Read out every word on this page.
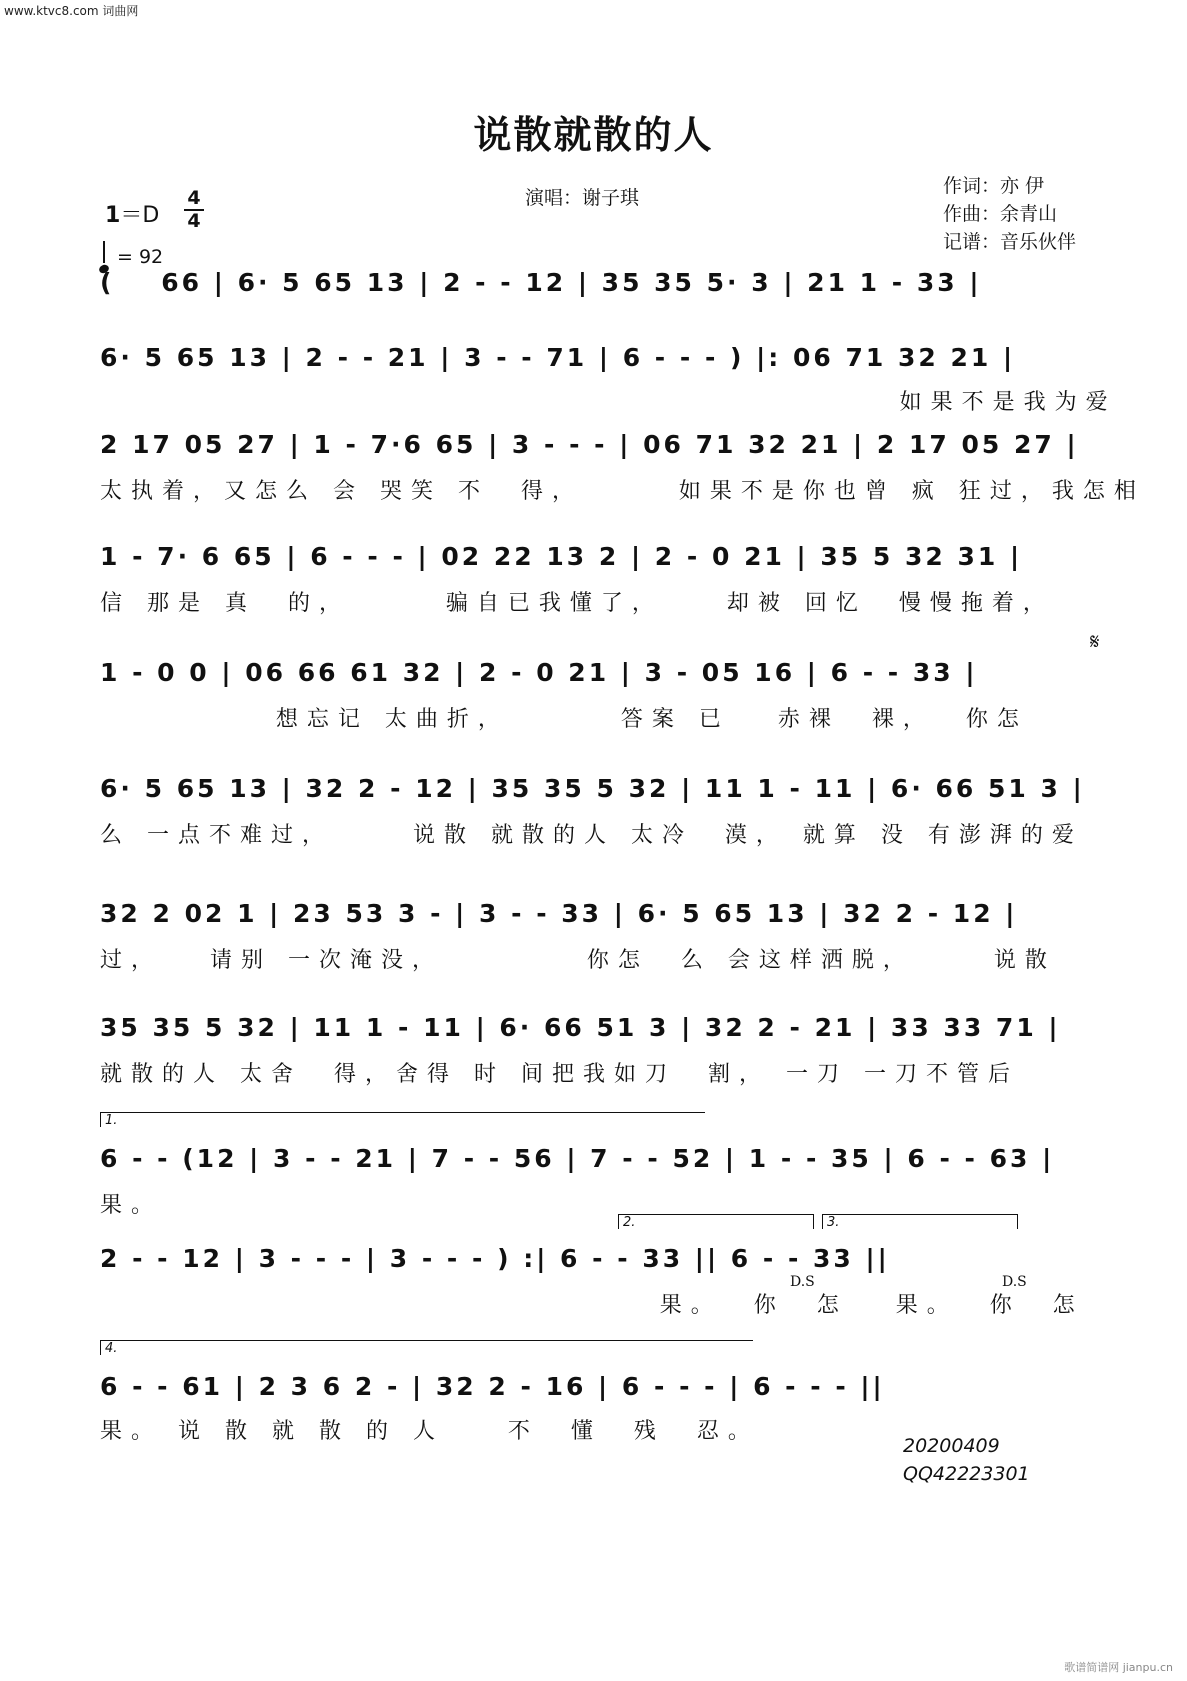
www.ktvc8.com 词曲网
说散就散的人
演唱：谢子琪
作词：亦 伊
作曲：余青山
记谱：音乐伙伴
1＝D
4
4
= 92
(    66 | 6· 5 65 13 | 2 - - 12 | 35 35 5· 3 | 21 1 - 33 |
6· 5 65 13 | 2 - - 21 | 3 - - 71 | 6 - - - ) |: 06 71 32 21 |
如果不是我为爱
2 17 05 27 | 1 - 7·6 65 | 3 - - - | 06 71 32 21 | 2 17 05 27 |
太执着，又怎么 会 哭笑 不  得，      如果不是你也曾 疯 狂过，我怎相
1 - 7· 6 65 | 6 - - - | 02 22 13 2 | 2 - 0 21 | 35 5 32 31 |
信 那是 真  的，      骗自已我懂了，    却被 回忆  慢慢拖着，
𝄋
1 - 0 0 | 06 66 61 32 | 2 - 0 21 | 3 - 05 16 | 6 - - 33 |
想忘记 太曲折，       答案 已   赤裸  裸，  你怎
6· 5 65 13 | 32 2 - 12 | 35 35 5 32 | 11 1 - 11 | 6· 66 51 3 |
么 一点不难过，     说散 就散的人 太冷  漠， 就算 没 有澎湃的爱
32 2 02 1 | 23 53 3 - | 3 - - 33 | 6· 5 65 13 | 32 2 - 12 |
过，   请别 一次淹没，         你怎  么 会这样洒脱，     说散
35 35 5 32 | 11 1 - 11 | 6· 66 51 3 | 32 2 - 21 | 33 33 71 |
就散的人 太舍  得，舍得 时 间把我如刀  割， 一刀 一刀不管后
1.
6 - - (12 | 3 - - 21 | 7 - - 56 | 7 - - 52 | 1 - - 35 | 6 - - 63 |
果。
2.	3.
2 - - 12 | 3 - - - | 3 - - - ) :| 6 - - 33 || 6 - - 33 ||
果。  你  怎   果。  你  怎
D.S	D.S
4.
6 - - 61 | 2 3 6 2 - | 32 2 - 16 | 6 - - - | 6 - - - ||
果。 说 散 就 散 的 人    不  懂  残  忍。
20200409
QQ42223301
歌谱简谱网 jianpu.cn
